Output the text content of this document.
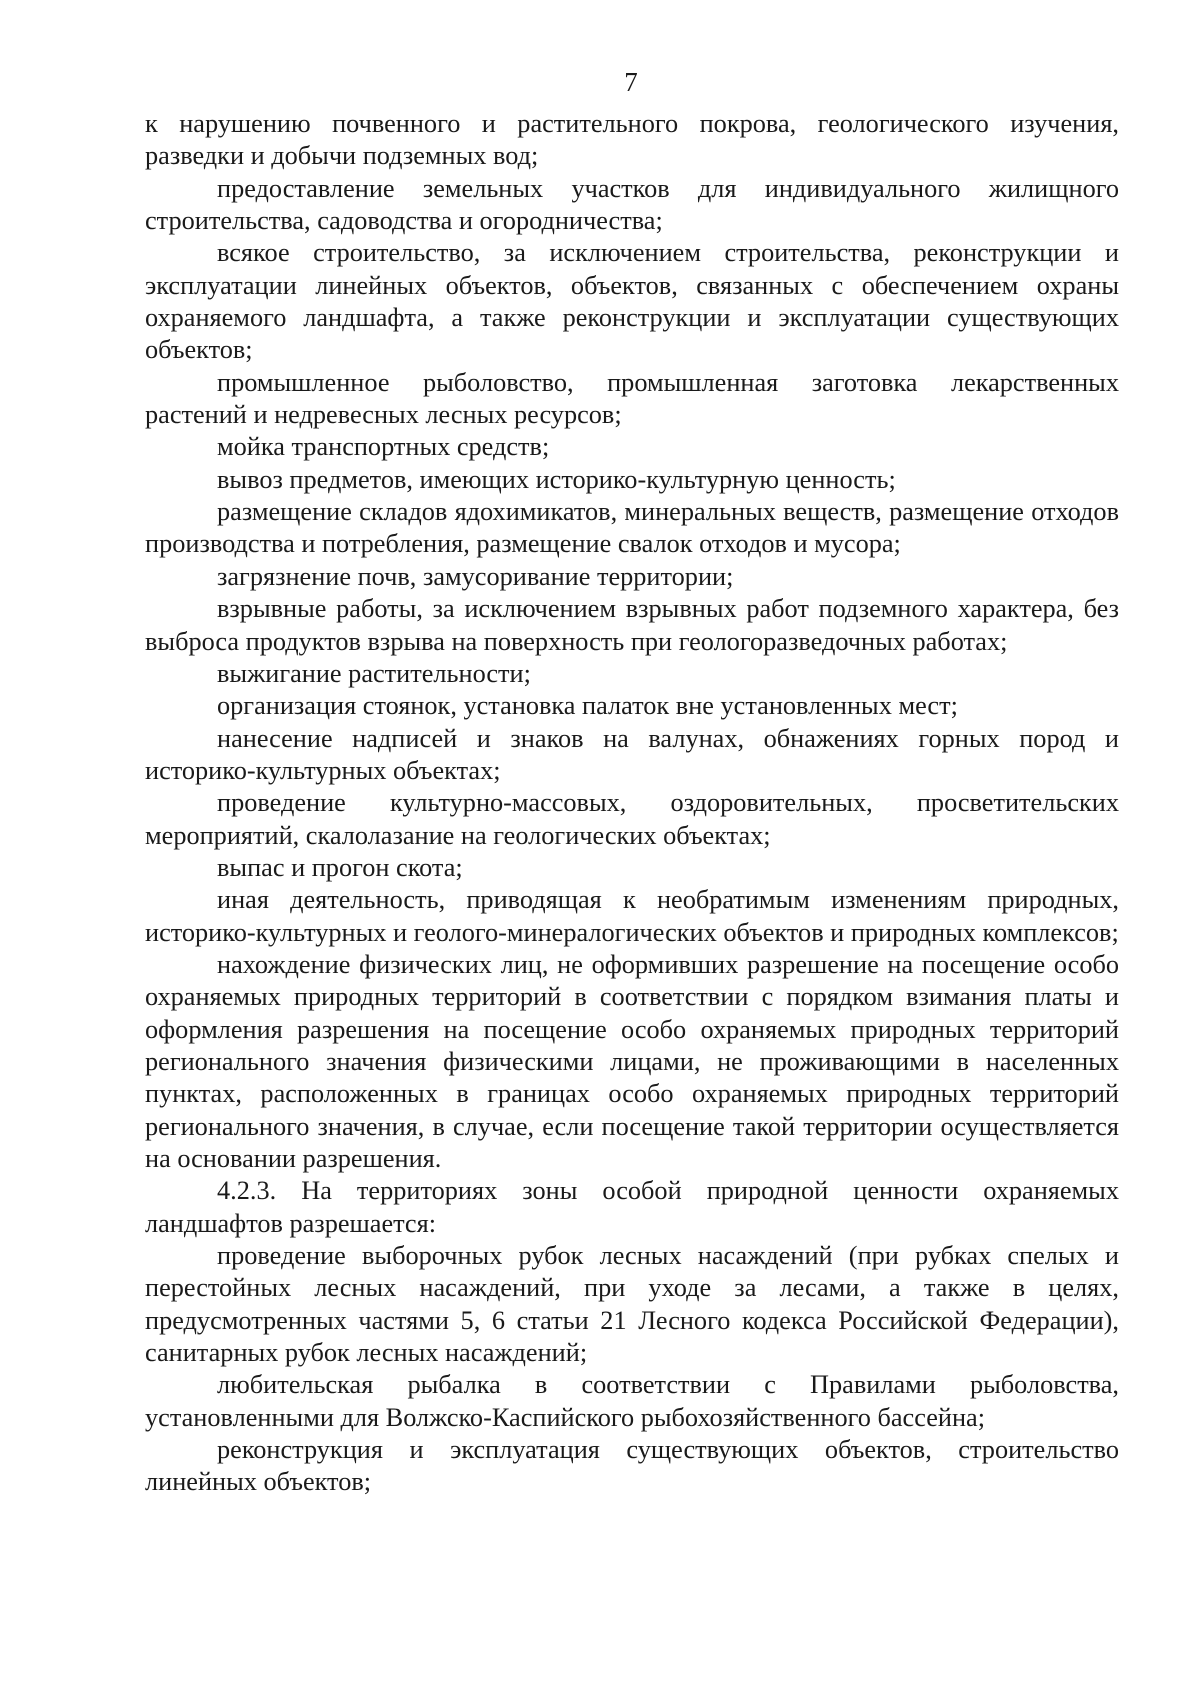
7

к нарушению почвенного и растительного покрова, геологического изучения, разведки и добычи подземных вод;

предоставление земельных участков для индивидуального жилищного строительства, садоводства и огородничества;

всякое строительство, за исключением строительства, реконструкции и эксплуатации линейных объектов, объектов, связанных с обеспечением охраны охраняемого ландшафта, а также реконструкции и эксплуатации существующих объектов;

промышленное рыболовство, промышленная заготовка лекарственных растений и недревесных лесных ресурсов;

мойка транспортных средств;

вывоз предметов, имеющих историко-культурную ценность;

размещение складов ядохимикатов, минеральных веществ, размещение отходов производства и потребления, размещение свалок отходов и мусора;

загрязнение почв, замусоривание территории;

взрывные работы, за исключением взрывных работ подземного характера, без выброса продуктов взрыва на поверхность при геологоразведочных работах;

выжигание растительности;

организация стоянок, установка палаток вне установленных мест;

нанесение надписей и знаков на валунах, обнажениях горных пород и историко-культурных объектах;

проведение культурно-массовых, оздоровительных, просветительских мероприятий, скалолазание на геологических объектах;

выпас и прогон скота;

иная деятельность, приводящая к необратимым изменениям природных, историко-культурных и геолого-минералогических объектов и природных комплексов;

нахождение физических лиц, не оформивших разрешение на посещение особо охраняемых природных территорий в соответствии с порядком взимания платы и оформления разрешения на посещение особо охраняемых природных территорий регионального значения физическими лицами, не проживающими в населенных пунктах, расположенных в границах особо охраняемых природных территорий регионального значения, в случае, если посещение такой территории осуществляется на основании разрешения.

4.2.3. На территориях зоны особой природной ценности охраняемых ландшафтов разрешается:

проведение выборочных рубок лесных насаждений (при рубках спелых и перестойных лесных насаждений, при уходе за лесами, а также в целях, предусмотренных частями 5, 6 статьи 21 Лесного кодекса Российской Федерации), санитарных рубок лесных насаждений;

любительская рыбалка в соответствии с Правилами рыболовства, установленными для Волжско-Каспийского рыбохозяйственного бассейна;

реконструкция и эксплуатация существующих объектов, строительство линейных объектов;
